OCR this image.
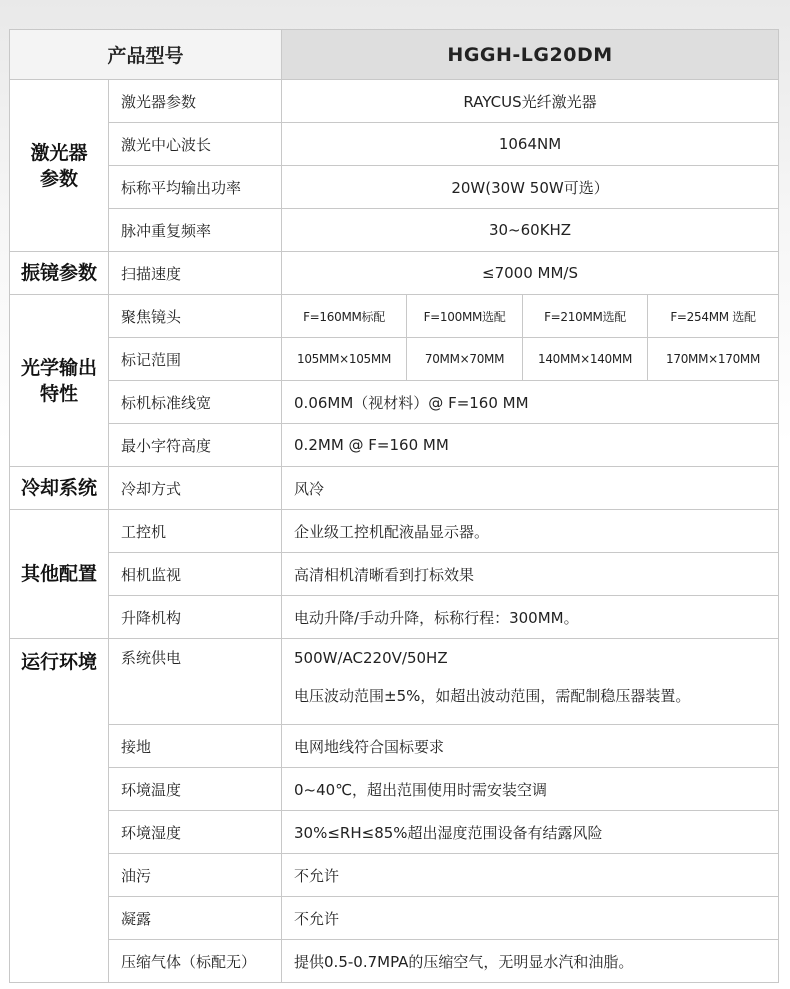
产品型号		HGGH-LG20DM			
激光器参数	激光器参数	RAYCUS光纤激光器			
	激光中心波长	1064NM			
	标称平均输出功率	20W(30W 50W可选）			
	脉冲重复频率	30~60KHZ			
振镜参数	扫描速度	≤7000 MM/S			
光学输出特性	聚焦镜头	F=160MM标配	F=100MM选配	F=210MM选配	F=254MM 选配
	标记范围	105MM×105MM	70MM×70MM	140MM×140MM	170MM×170MM
	标机标准线宽	0.06MM（视材料）@ F=160 MM			
	最小字符高度	0.2MM @ F=160 MM			
冷却系统	冷却方式	风冷			
其他配置	工控机	企业级工控机配液晶显示器。			
	相机监视	高清相机清晰看到打标效果			
	升降机构	电动升降/手动升降，标称行程：300MM。			
运行环境	系统供电	500W/AC220V/50HZ
电压波动范围±5%，如超出波动范围，需配制稳压器装置。			

	接地	电网地线符合国标要求			
	环境温度	0~40℃，超出范围使用时需安装空调			
	环境湿度	30%≤RH≤85%超出湿度范围设备有结露风险			
	油污	不允许			
	凝露	不允许			
	压缩气体（标配无）	提供0.5-0.7MPA的压缩空气，无明显水汽和油脂。			
